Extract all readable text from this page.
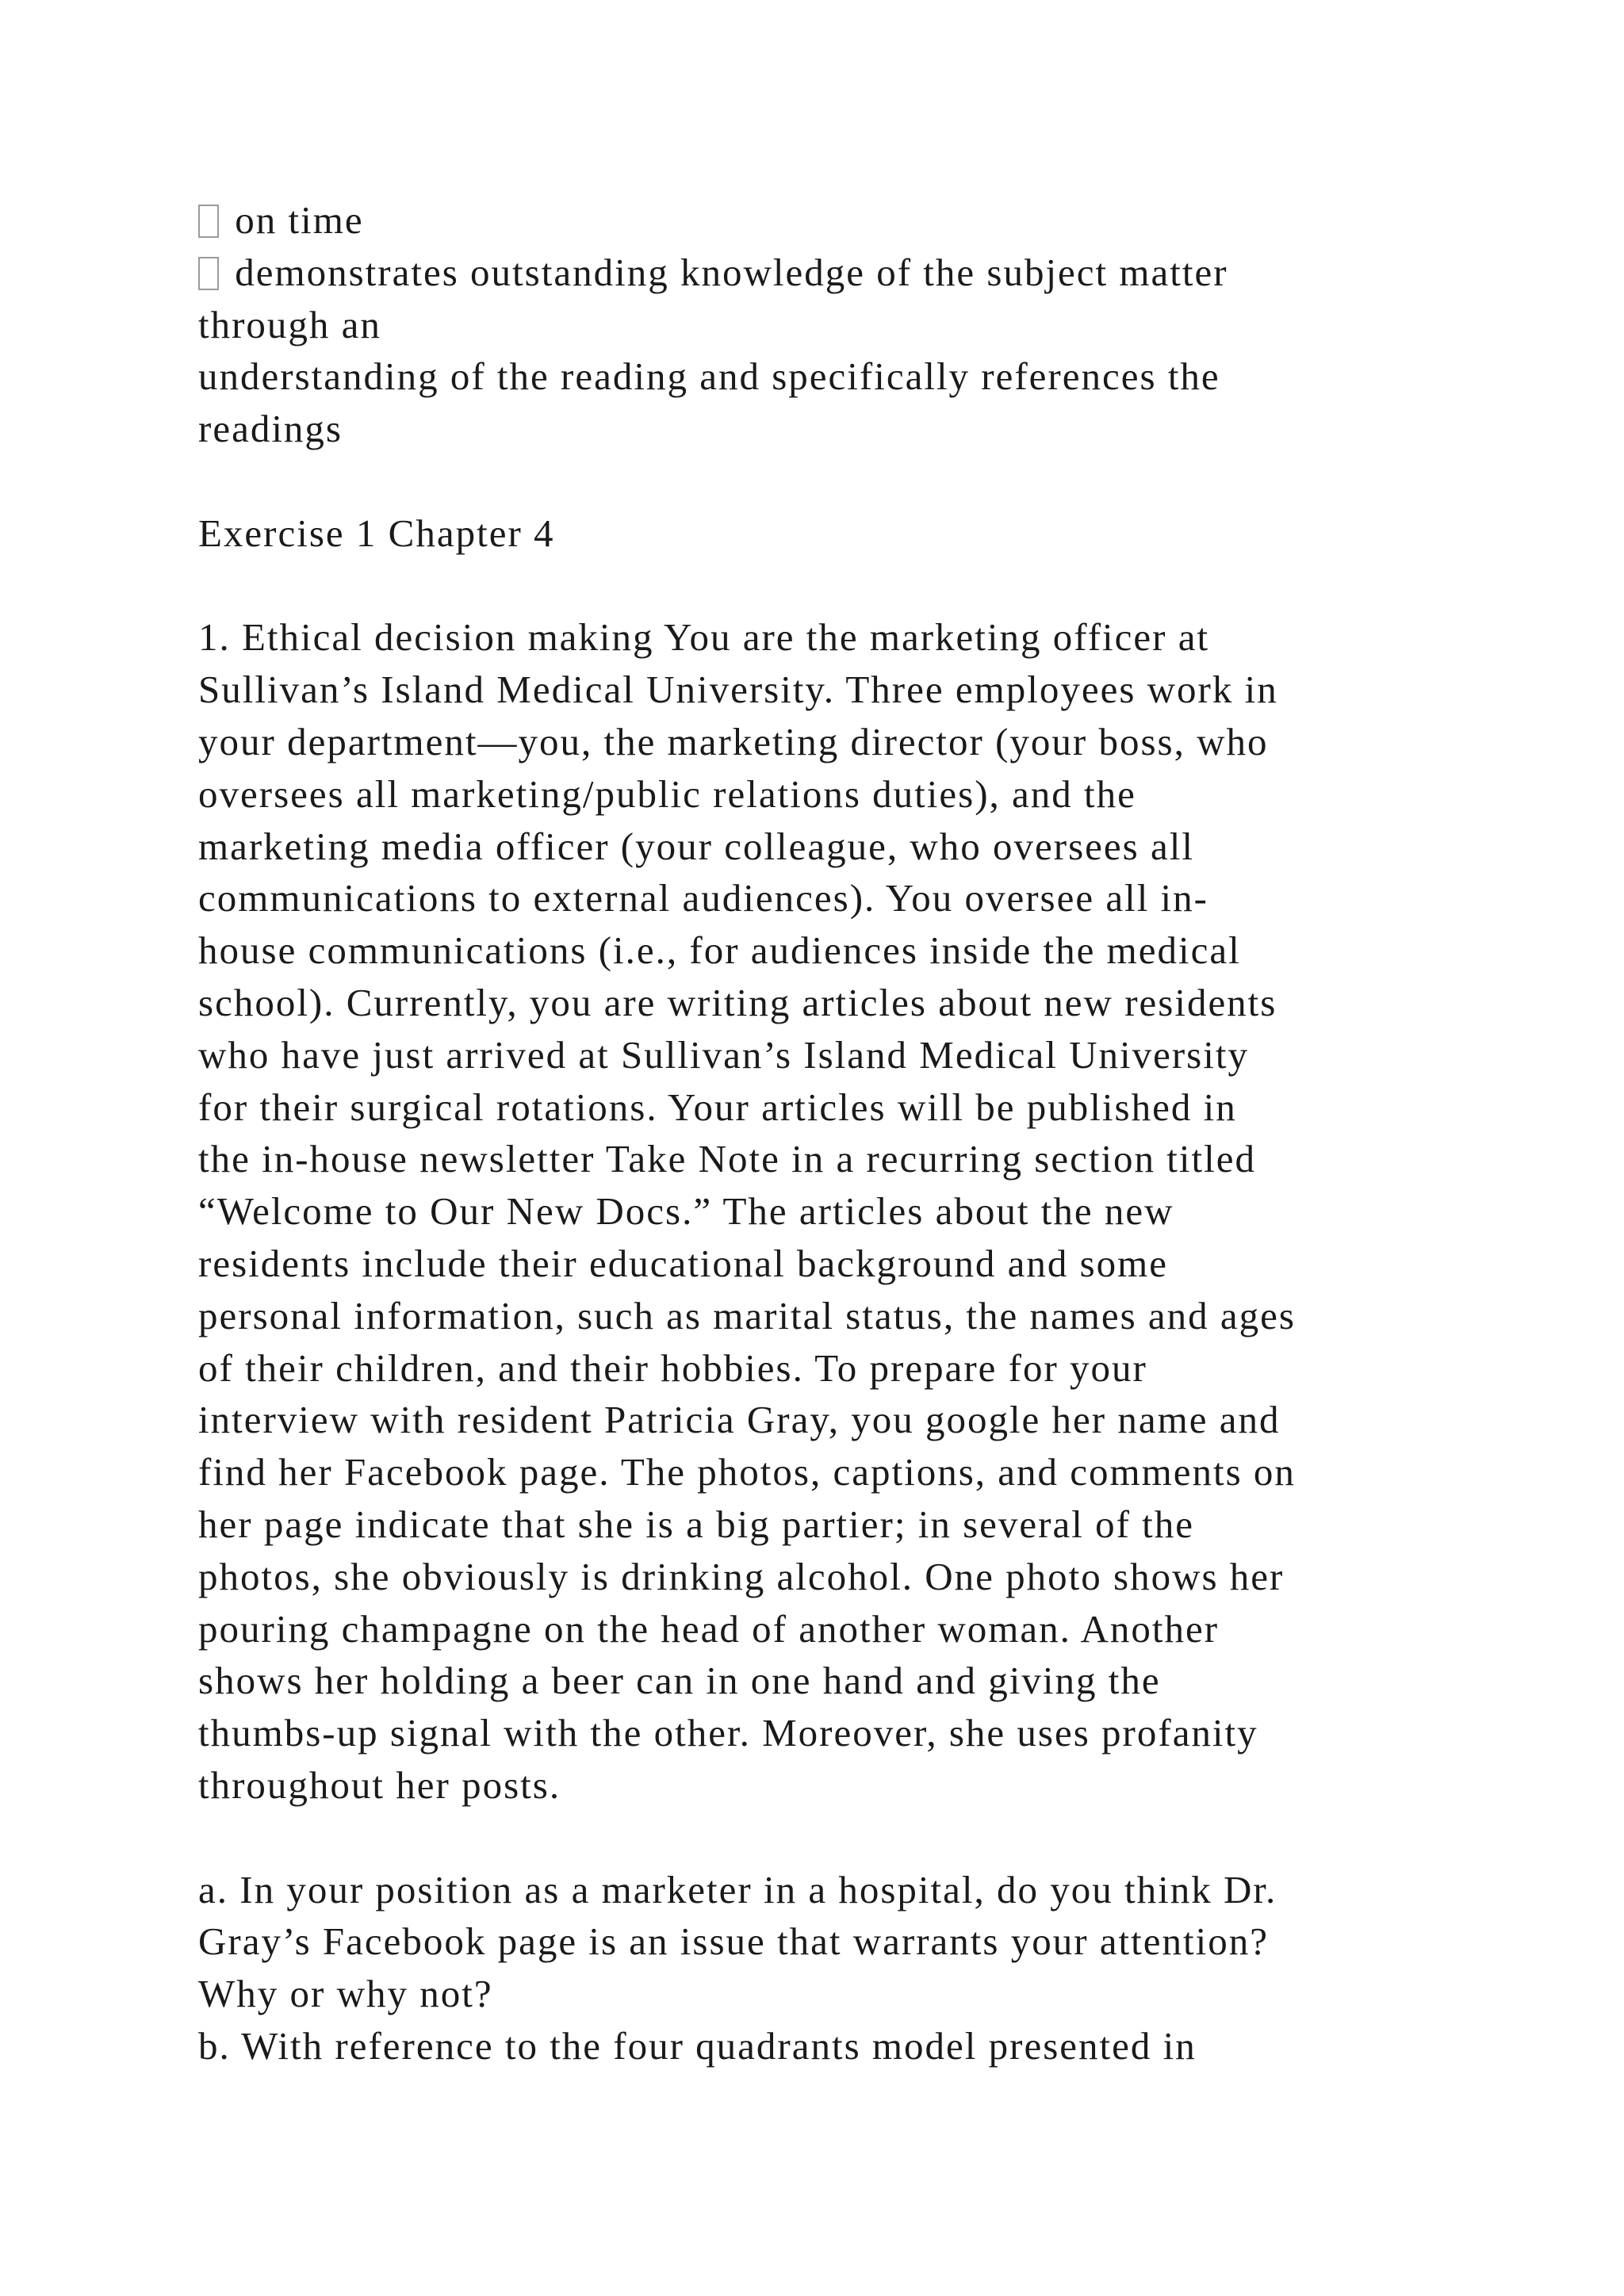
on time
demonstrates outstanding knowledge of the subject matter
through an
understanding of the reading and specifically references the
readings
Exercise 1 Chapter 4
1. Ethical decision making You are the marketing officer at
Sullivan’s Island Medical University. Three employees work in
your department—you, the marketing director (your boss, who
oversees all marketing/public relations duties), and the
marketing media officer (your colleague, who oversees all
communications to external audiences). You oversee all in-
house communications (i.e., for audiences inside the medical
school). Currently, you are writing articles about new residents
who have just arrived at Sullivan’s Island Medical University
for their surgical rotations. Your articles will be published in
the in-house newsletter Take Note in a recurring section titled
“Welcome to Our New Docs.” The articles about the new
residents include their educational background and some
personal information, such as marital status, the names and ages
of their children, and their hobbies. To prepare for your
interview with resident Patricia Gray, you google her name and
find her Facebook page. The photos, captions, and comments on
her page indicate that she is a big partier; in several of the
photos, she obviously is drinking alcohol. One photo shows her
pouring champagne on the head of another woman. Another
shows her holding a beer can in one hand and giving the
thumbs-up signal with the other. Moreover, she uses profanity
throughout her posts.
a. In your position as a marketer in a hospital, do you think Dr.
Gray’s Facebook page is an issue that warrants your attention?
Why or why not?
b. With reference to the four quadrants model presented in
